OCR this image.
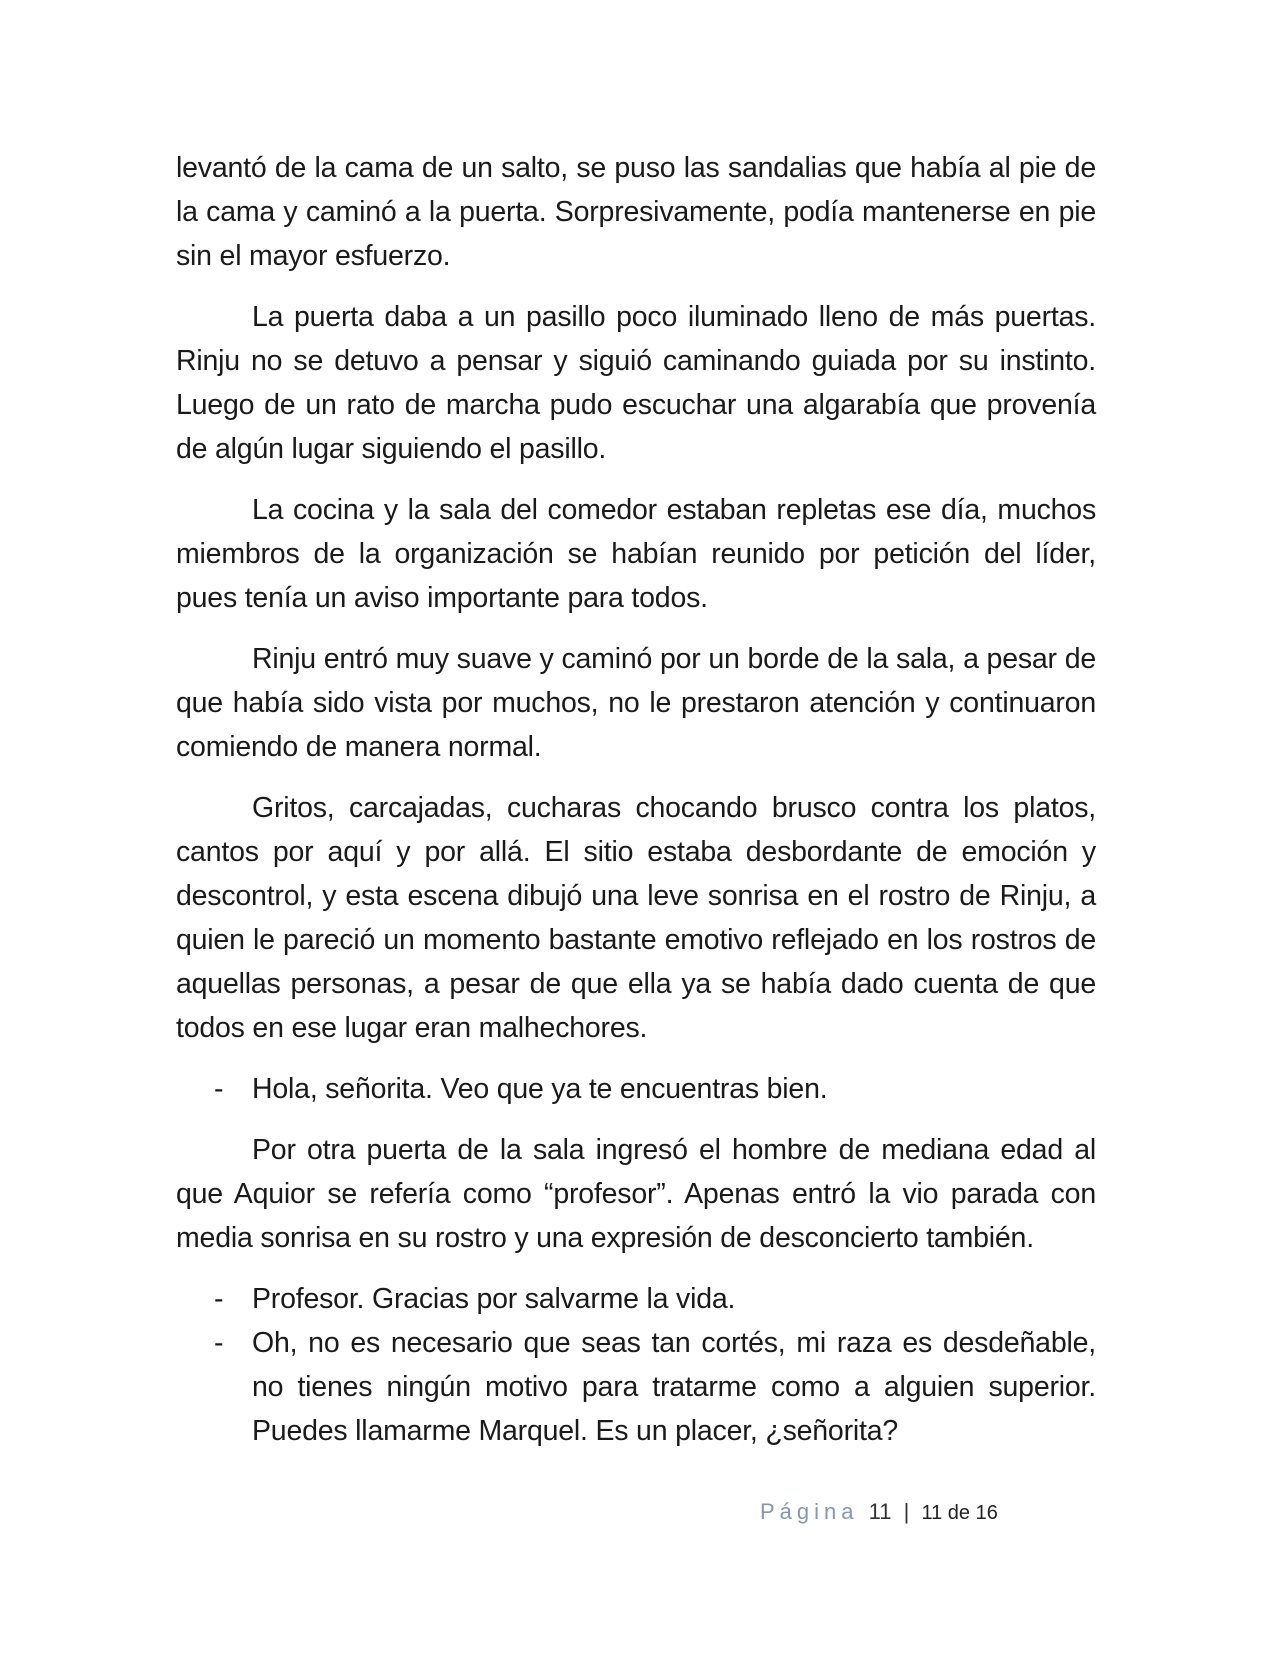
levantó de la cama de un salto, se puso las sandalias que había al pie de la cama y caminó a la puerta. Sorpresivamente, podía mantenerse en pie sin el mayor esfuerzo.

La puerta daba a un pasillo poco iluminado lleno de más puertas. Rinju no se detuvo a pensar y siguió caminando guiada por su instinto. Luego de un rato de marcha pudo escuchar una algarabía que provenía de algún lugar siguiendo el pasillo.

La cocina y la sala del comedor estaban repletas ese día, muchos miembros de la organización se habían reunido por petición del líder, pues tenía un aviso importante para todos.

Rinju entró muy suave y caminó por un borde de la sala, a pesar de que había sido vista por muchos, no le prestaron atención y continuaron comiendo de manera normal.

Gritos, carcajadas, cucharas chocando brusco contra los platos, cantos por aquí y por allá. El sitio estaba desbordante de emoción y descontrol, y esta escena dibujó una leve sonrisa en el rostro de Rinju, a quien le pareció un momento bastante emotivo reflejado en los rostros de aquellas personas, a pesar de que ella ya se había dado cuenta de que todos en ese lugar eran malhechores.

- Hola, señorita. Veo que ya te encuentras bien.

Por otra puerta de la sala ingresó el hombre de mediana edad al que Aquior se refería como “profesor”. Apenas entró la vio parada con media sonrisa en su rostro y una expresión de desconcierto también.

- Profesor. Gracias por salvarme la vida.
- Oh, no es necesario que seas tan cortés, mi raza es desdeñable, no tienes ningún motivo para tratarme como a alguien superior. Puedes llamarme Marquel. Es un placer, ¿señorita?
Página 11 | 11 de 16
